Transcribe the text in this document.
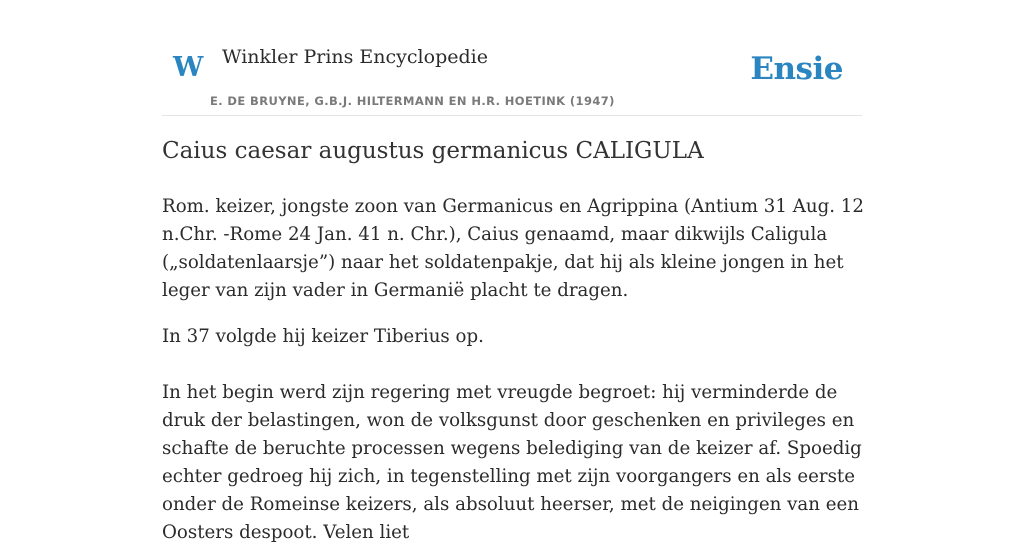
W Winkler Prins Encyclopedie
E. DE BRUYNE, G.B.J. HILTERMANN EN H.R. HOETINK (1947)
Ensie
Caius caesar augustus germanicus CALIGULA

Rom. keizer, jongste zoon van Germanicus en Agrippina (Antium 31 Aug. 12 n.Chr. -Rome 24 Jan. 41 n. Chr.), Caius genaamd, maar dikwijls Caligula („soldatenlaarsje”) naar het soldatenpakje, dat hij als kleine jongen in het leger van zijn vader in Germanië placht te dragen.

In 37 volgde hij keizer Tiberius op.

In het begin werd zijn regering met vreugde begroet: hij verminderde de druk der belastingen, won de volksgunst door geschenken en privileges en schafte de beruchte processen wegens belediging van de keizer af. Spoedig echter gedroeg hij zich, in tegenstelling met zijn voorgangers en als eerste onder de Romeinse keizers, als absoluut heerser, met de neigingen van een Oosters despoot. Velen liet
